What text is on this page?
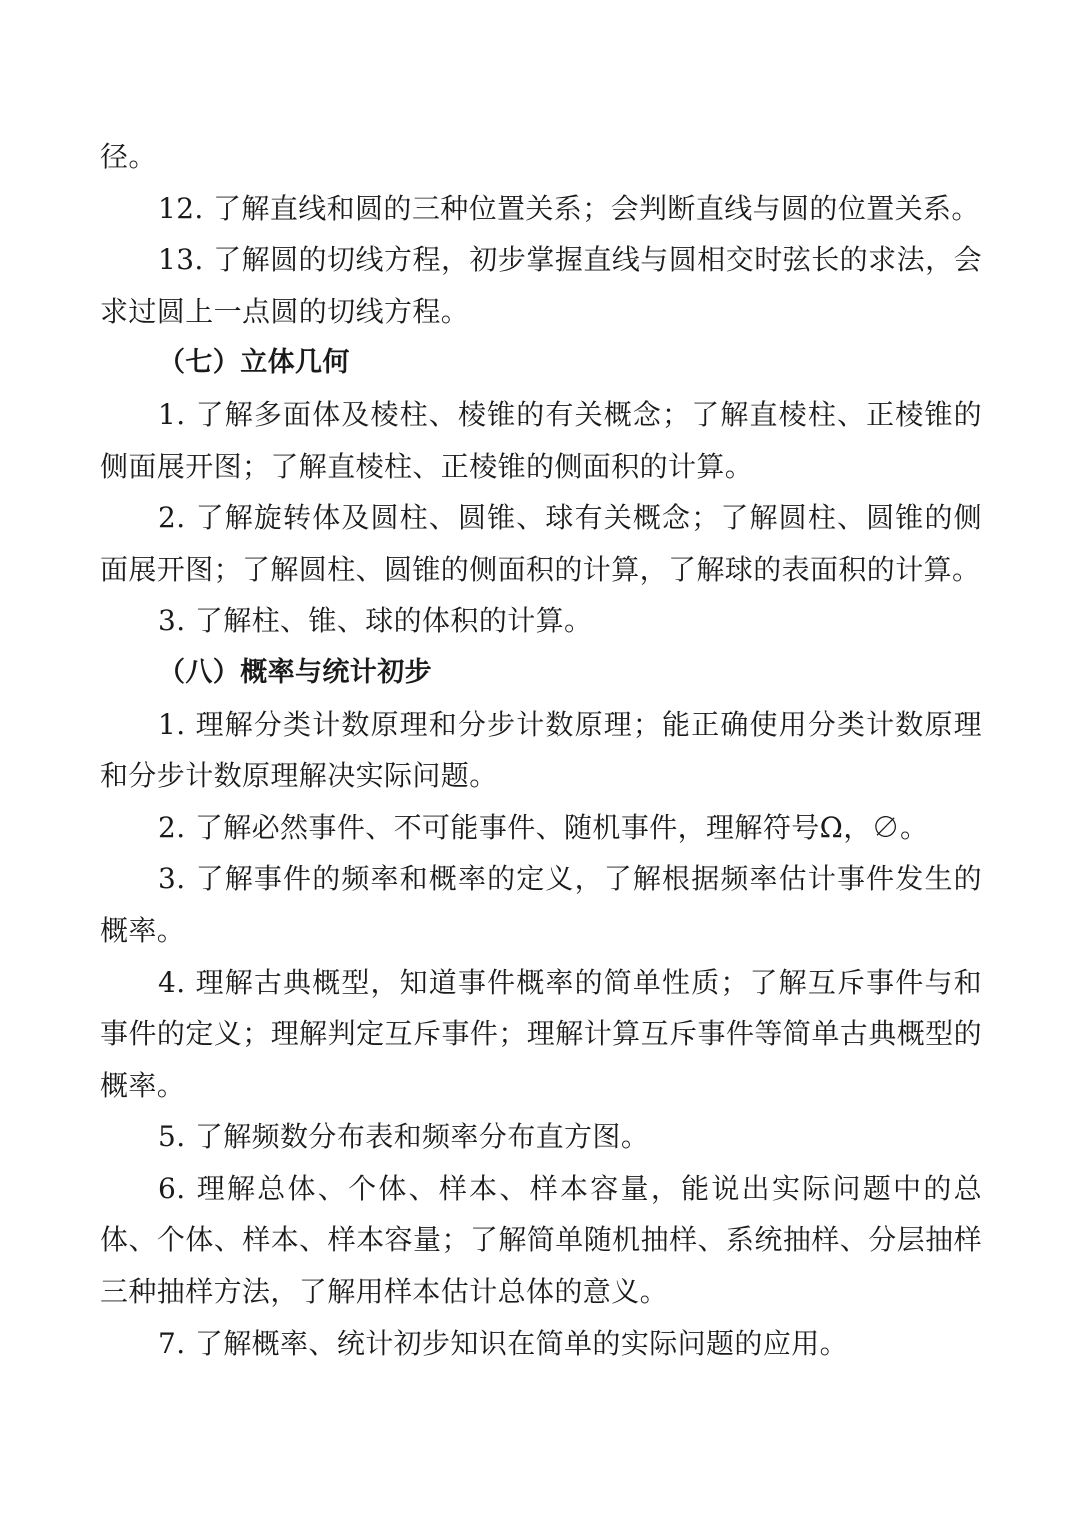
径。

12. 了解直线和圆的三种位置关系；会判断直线与圆的位置关系。

13. 了解圆的切线方程，初步掌握直线与圆相交时弦长的求法，会求过圆上一点圆的切线方程。

（七）立体几何

1. 了解多面体及棱柱、棱锥的有关概念；了解直棱柱、正棱锥的侧面展开图；了解直棱柱、正棱锥的侧面积的计算。

2. 了解旋转体及圆柱、圆锥、球有关概念；了解圆柱、圆锥的侧面展开图；了解圆柱、圆锥的侧面积的计算，了解球的表面积的计算。

3. 了解柱、锥、球的体积的计算。

（八）概率与统计初步

1. 理解分类计数原理和分步计数原理；能正确使用分类计数原理和分步计数原理解决实际问题。

2. 了解必然事件、不可能事件、随机事件，理解符号Ω，∅。

3. 了解事件的频率和概率的定义，了解根据频率估计事件发生的概率。

4. 理解古典概型，知道事件概率的简单性质；了解互斥事件与和事件的定义；理解判定互斥事件；理解计算互斥事件等简单古典概型的概率。

5. 了解频数分布表和频率分布直方图。

6. 理解总体、个体、样本、样本容量，能说出实际问题中的总体、个体、样本、样本容量；了解简单随机抽样、系统抽样、分层抽样三种抽样方法，了解用样本估计总体的意义。

7. 了解概率、统计初步知识在简单的实际问题的应用。
